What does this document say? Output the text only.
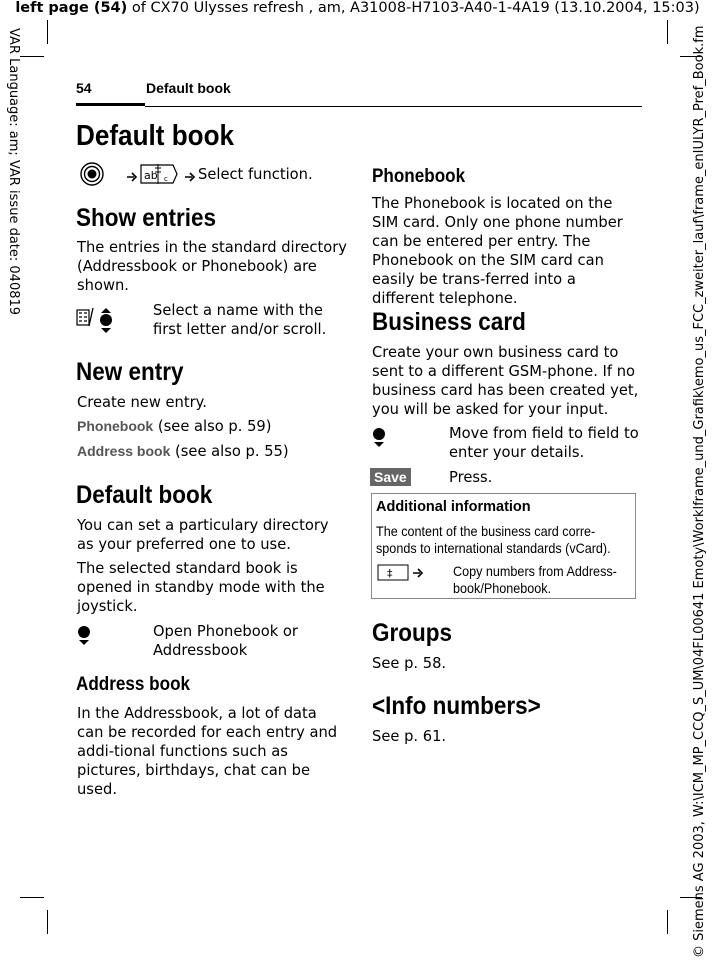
left page (54) of CX70 Ulysses refresh , am, A31008-H7103-A40-1-4A19 (13.10.2004, 15:03)
VAR Language: am; VAR issue date: 040819	© Siemens AG 2003, W:\ICM_MP_CCQ_S_UM\04FL00641 Emoty\Worklframe_und_Grafik\emo_us_FCC_zweiter_lauf\frame_enIULYR_Pref_Book.fm
54	Default book
Default book
ab c Select function.
Show entries
The entries in the standard directory (Addressbook or Phonebook) are shown.
Select a name with the first letter and/or scroll.
New entry
Create new entry.
Phonebook (see also p. 59)
Address book (see also p. 55)
Default book
You can set a particulary directory as your preferred one to use.
The selected standard book is opened in standby mode with the joystick.
Open Phonebook or Addressbook
Address book
In the Addressbook, a lot of data can be recorded for each entry and addi-tional functions such as pictures, birthdays, chat can be used.
Phonebook
The Phonebook is located on the SIM card. Only one phone number can be entered per entry. The Phonebook on the SIM card can easily be trans-ferred into a different telephone.
Business card
Create your own business card to sent to a different GSM-phone. If no business card has been created yet, you will be asked for your input.
Move from field to field to enter your details.
Save	Press.
Additional information
The content of the business card corre-sponds to international standards (vCard).
‡	Copy numbers from Address-book/Phonebook.
Groups
See p. 58.
<Info numbers>
See p. 61.
